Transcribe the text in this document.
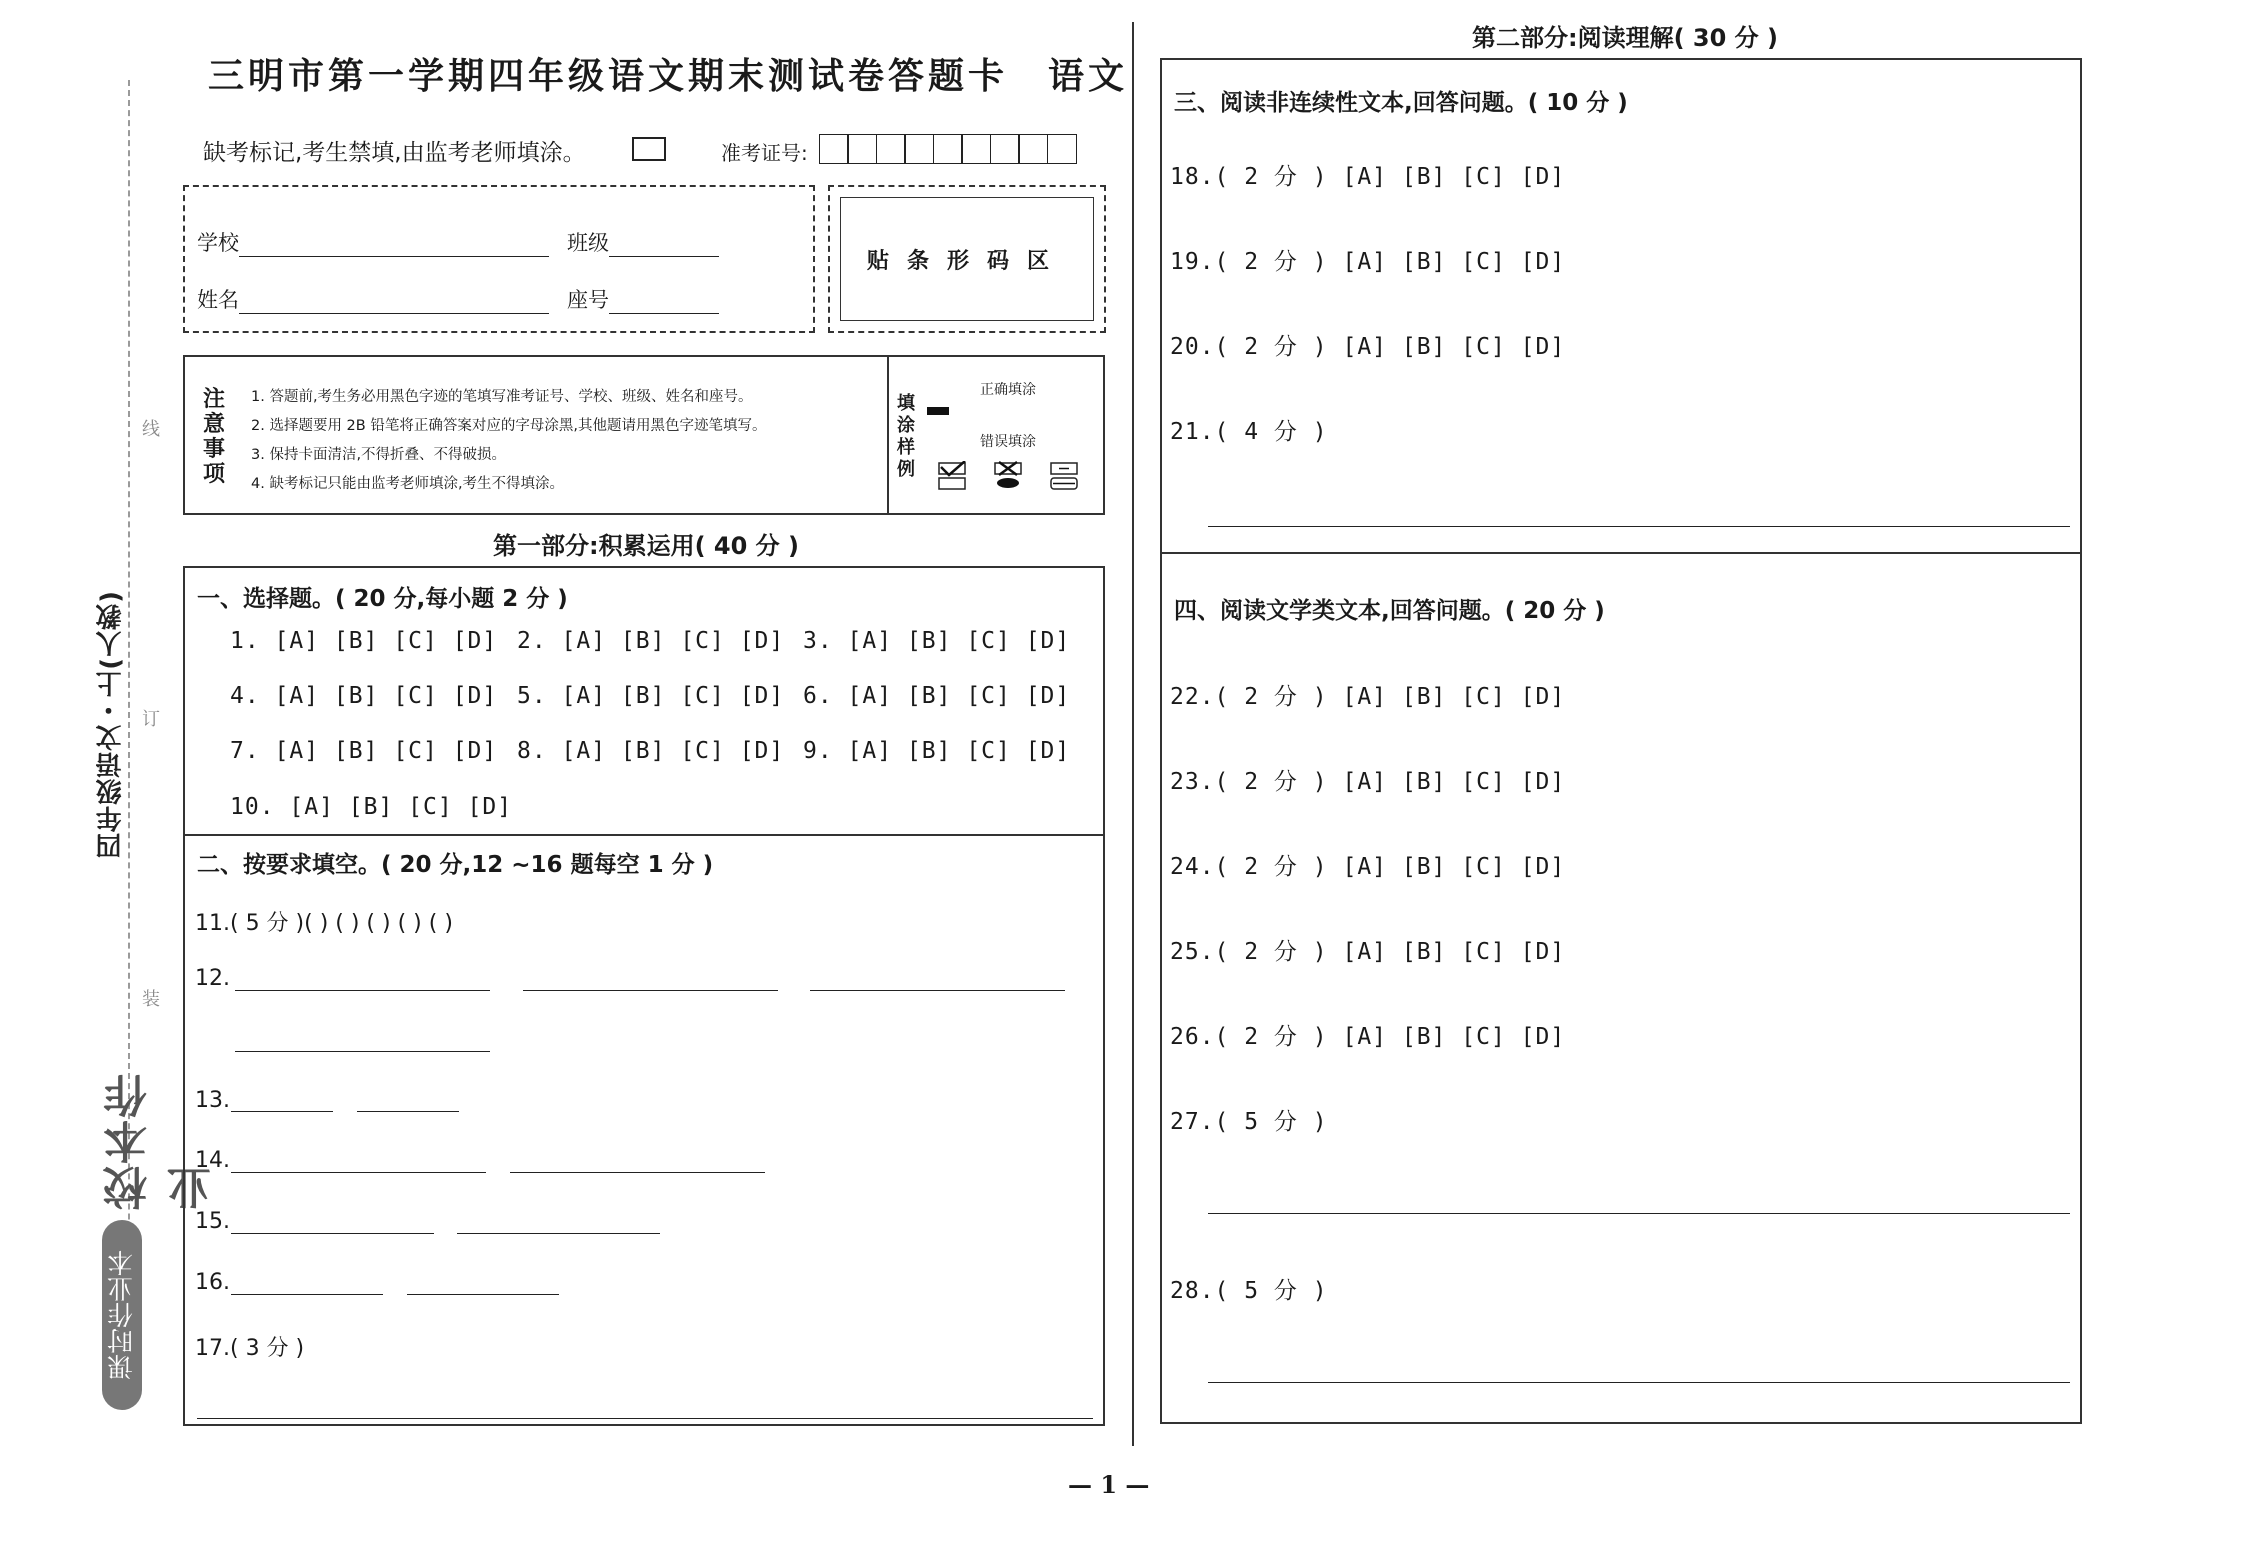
线
订
装
四年级语文・上(人教)
校本作业
课时作业本
三明市第一学期四年级语文期末测试卷答题卡 语文
缺考标记,考生禁填,由监考老师填涂。	准考证号:
学校	班级
姓名	座号
贴条形码区
注意事项
1. 答题前,考生务必用黑色字迹的笔填写准考证号、学校、班级、姓名和座号。
2. 选择题要用 2B 铅笔将正确答案对应的字母涂黑,其他题请用黑色字迹笔填写。
3. 保持卡面清洁,不得折叠、不得破损。
4. 缺考标记只能由监考老师填涂,考生不得填涂。
填涂样例
正确填涂
错误填涂
第一部分:积累运用( 40 分 )
一、选择题。( 20 分,每小题 2 分 )
1. [A] [B] [C] [D] 2. [A] [B] [C] [D] 3. [A] [B] [C] [D]
4. [A] [B] [C] [D] 5. [A] [B] [C] [D] 6. [A] [B] [C] [D]
7. [A] [B] [C] [D] 8. [A] [B] [C] [D] 9. [A] [B] [C] [D]
10. [A] [B] [C] [D]
二、按要求填空。( 20 分,12 ~16 题每空 1 分 )
11.( 5 分 )( ) ( ) ( ) ( ) ( )
12.
13.
14.
15.
16.
17.( 3 分 )
第二部分:阅读理解( 30 分 )
三、阅读非连续性文本,回答问题。( 10 分 )
18.( 2 分 ) [A] [B] [C] [D]
19.( 2 分 ) [A] [B] [C] [D]
20.( 2 分 ) [A] [B] [C] [D]
21.( 4 分 )
四、阅读文学类文本,回答问题。( 20 分 )
22.( 2 分 ) [A] [B] [C] [D]
23.( 2 分 ) [A] [B] [C] [D]
24.( 2 分 ) [A] [B] [C] [D]
25.( 2 分 ) [A] [B] [C] [D]
26.( 2 分 ) [A] [B] [C] [D]
27.( 5 分 )
28.( 5 分 )
— 1 —
